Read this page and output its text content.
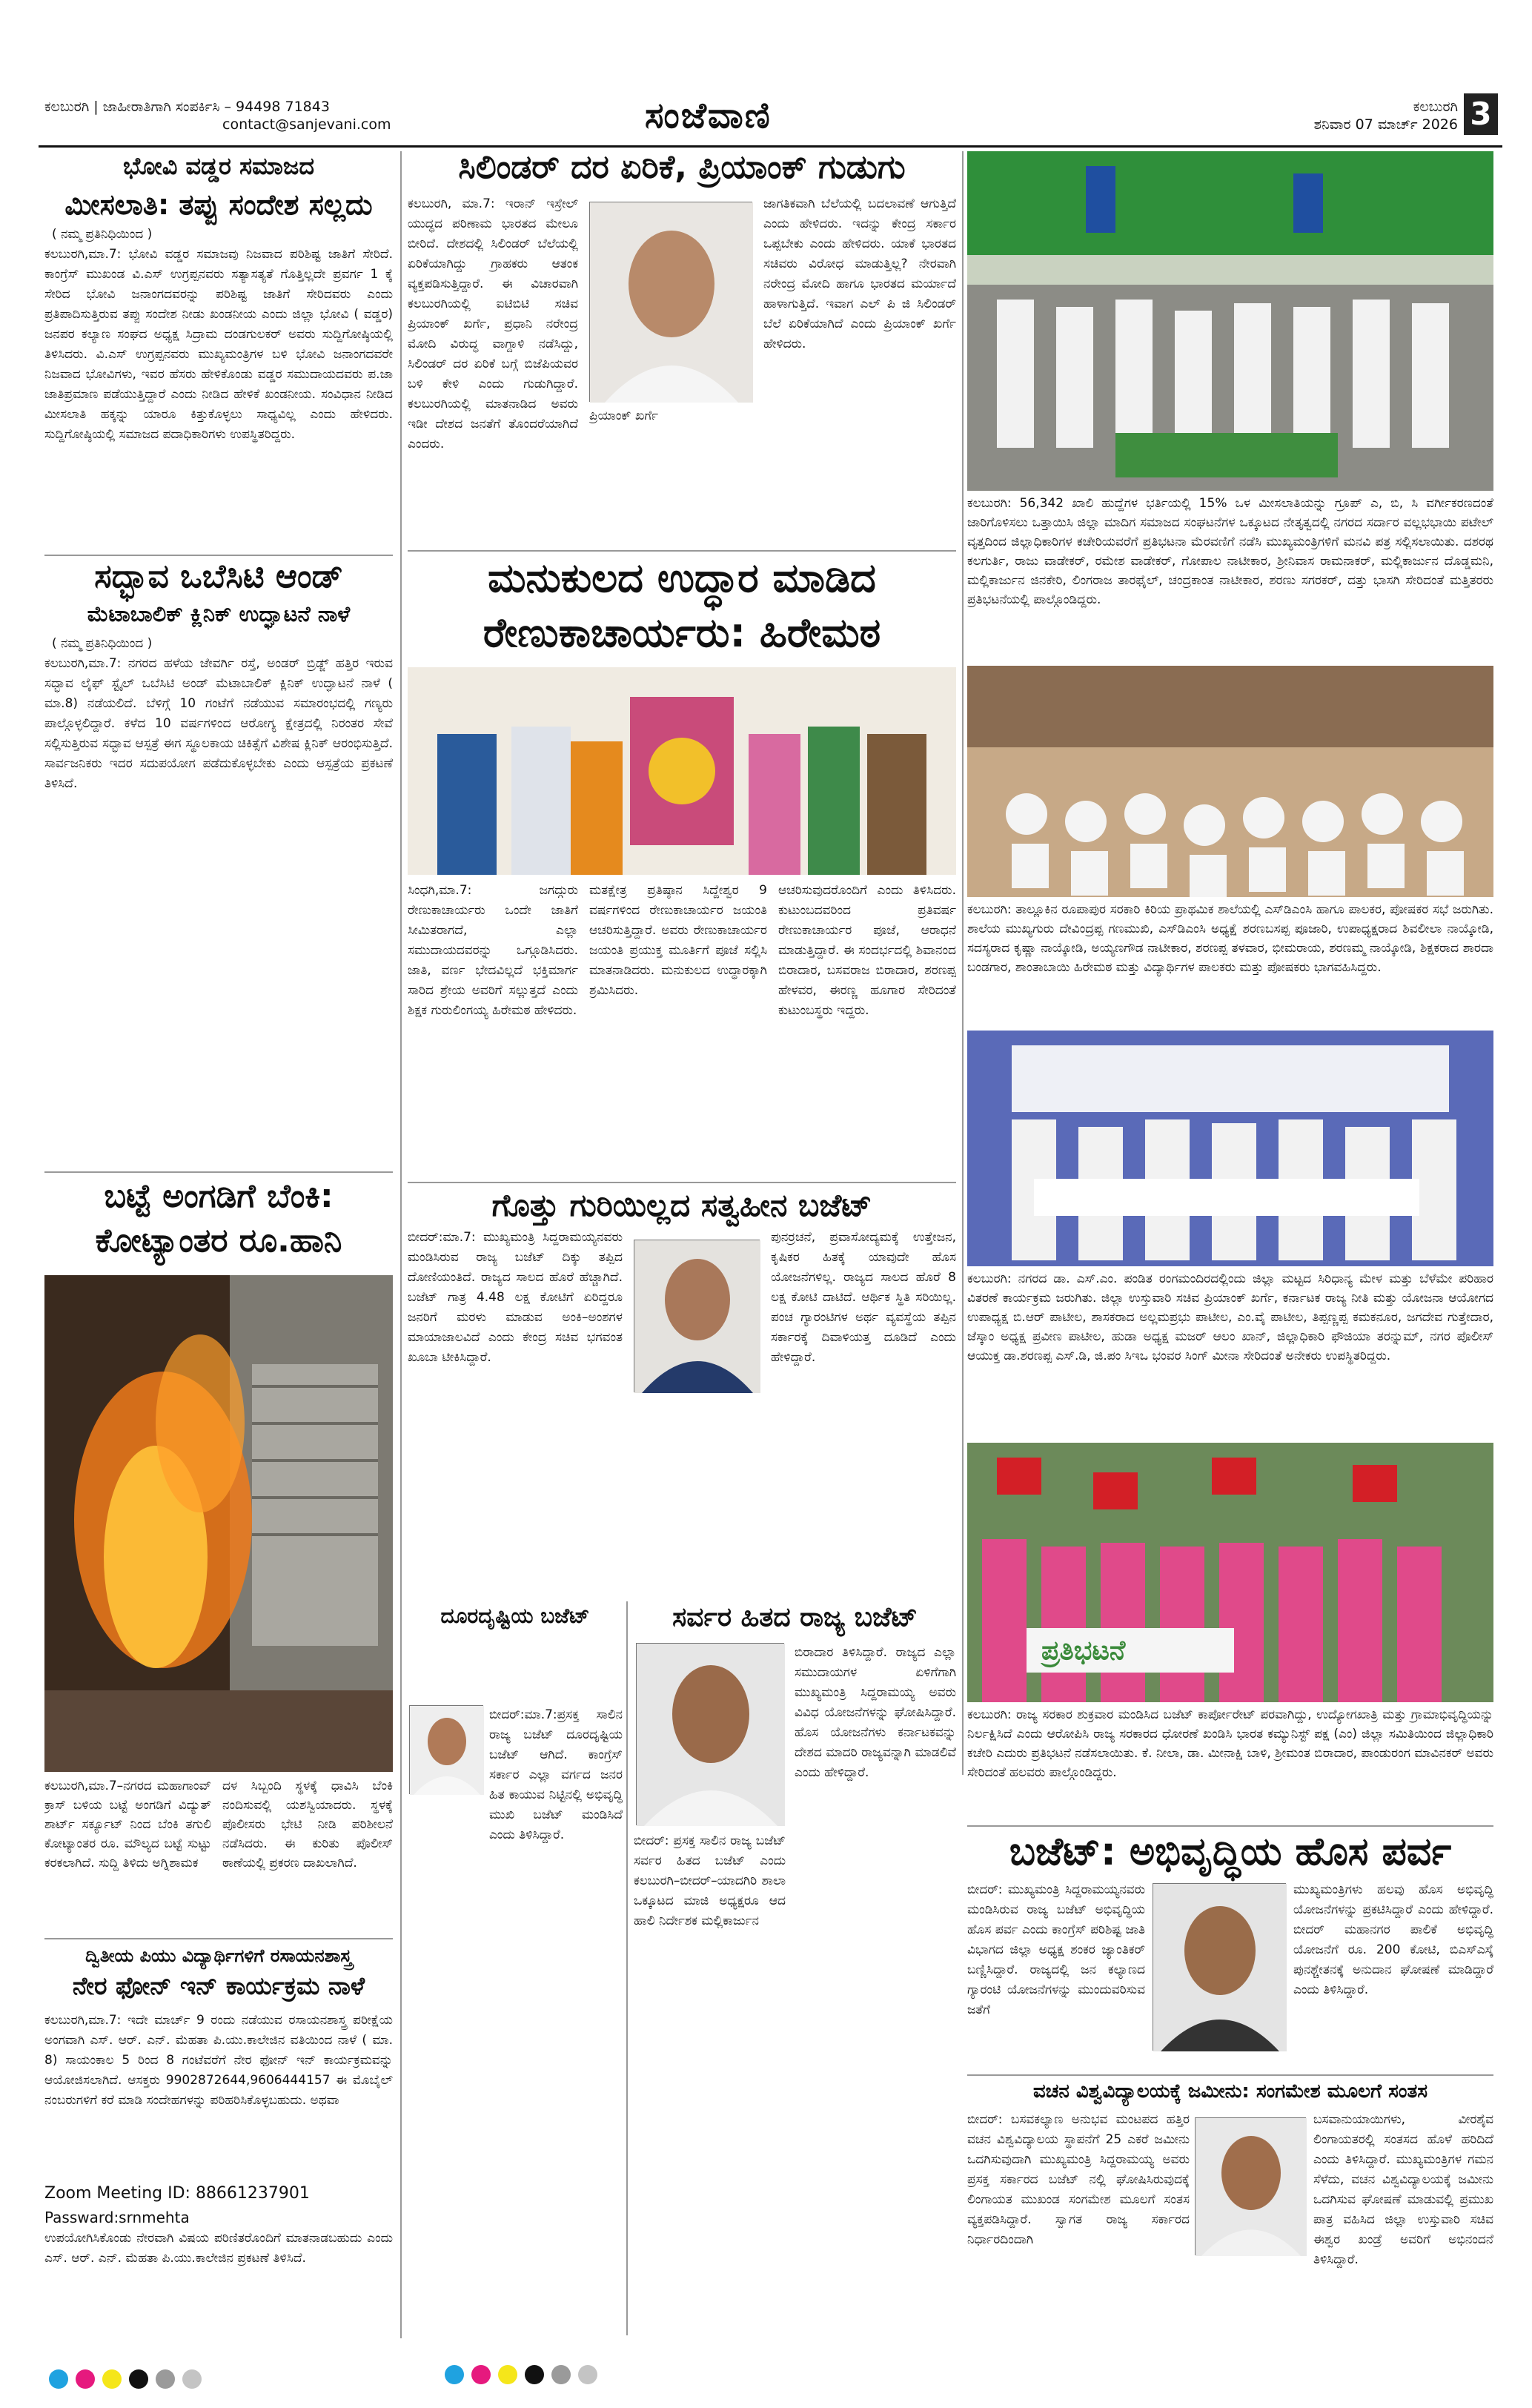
ಕಲಬುರಗಿ | ಜಾಹೀರಾತಿಗಾಗಿ ಸಂಪರ್ಕಿಸಿ – 94498 71843
contact@sanjevani.com	ಸಂಜೆವಾಣಿ	ಕಲಬುರಗಿ
ಶನಿವಾರ 07 ಮಾರ್ಚ್ 2026 3
ಭೋವಿ ವಡ್ಡರ ಸಮಾಜದ
ಮೀಸಲಾತಿ: ತಪ್ಪು ಸಂದೇಶ ಸಲ್ಲದು
( ನಮ್ಮ ಪ್ರತಿನಿಧಿಯಿಂದ )
ಕಲಬುರಗಿ,ಮಾ.7: ಭೋವಿ ವಡ್ಡರ ಸಮಾಜವು ನಿಜವಾದ ಪರಿಶಿಷ್ಟ ಜಾತಿಗೆ ಸೇರಿದೆ. ಕಾಂಗ್ರೆಸ್ ಮುಖಂಡ ವಿ.ಎಸ್ ಉಗ್ರಪ್ಪನವರು ಸತ್ಯಾಸತ್ಯತೆ ಗೊತ್ತಿಲ್ಲದೇ ಪ್ರವರ್ಗ 1 ಕ್ಕೆ ಸೇರಿದ ಭೋವಿ ಜನಾಂಗದವರನ್ನು ಪರಿಶಿಷ್ಟ ಜಾತಿಗೆ ಸೇರಿದವರು ಎಂದು ಪ್ರತಿಪಾದಿಸುತ್ತಿರುವ ತಪ್ಪು ಸಂದೇಶ ನೀಡು ಖಂಡನೀಯ ಎಂದು ಜಿಲ್ಲಾ ಭೋವಿ ( ವಡ್ಡರ) ಜನಪರ ಕಲ್ಯಾಣ ಸಂಘದ ಅಧ್ಯಕ್ಷ ಸಿದ್ರಾಮ ದಂಡಗುಲಕರ್ ಅವರು ಸುದ್ದಿಗೋಷ್ಠಿಯಲ್ಲಿ ತಿಳಿಸಿದರು. ವಿ.ಎಸ್ ಉಗ್ರಪ್ಪನವರು ಮುಖ್ಯಮಂತ್ರಿಗಳ ಬಳಿ ಭೋವಿ ಜನಾಂಗದವರೇ ನಿಜವಾದ ಭೋವಿಗಳು, ಇವರ ಹೆಸರು ಹೇಳಿಕೊಂಡು ವಡ್ಡರ ಸಮುದಾಯದವರು ಪ.ಜಾ ಜಾತಿಪ್ರಮಾಣ ಪಡೆಯುತ್ತಿದ್ದಾರೆ ಎಂದು ನೀಡಿದ ಹೇಳಿಕೆ ಖಂಡನೀಯ. ಸಂವಿಧಾನ ನೀಡಿದ ಮೀಸಲಾತಿ ಹಕ್ಕನ್ನು ಯಾರೂ ಕಿತ್ತುಕೊಳ್ಳಲು ಸಾಧ್ಯವಿಲ್ಲ ಎಂದು ಹೇಳಿದರು. ಸುದ್ದಿಗೋಷ್ಠಿಯಲ್ಲಿ ಸಮಾಜದ ಪದಾಧಿಕಾರಿಗಳು ಉಪಸ್ಥಿತರಿದ್ದರು.
ಸದ್ಭಾವ ಒಬೆಸಿಟಿ ಆಂಡ್
ಮೆಟಾಬಾಲಿಕ್ ಕ್ಲಿನಿಕ್ ಉದ್ಘಾಟನೆ ನಾಳೆ
( ನಮ್ಮ ಪ್ರತಿನಿಧಿಯಿಂದ )
ಕಲಬುರಗಿ,ಮಾ.7: ನಗರದ ಹಳೆಯ ಜೇವರ್ಗಿ ರಸ್ತೆ, ಅಂಡರ್ ಬ್ರಿಡ್ಜ್ ಹತ್ತಿರ ಇರುವ ಸದ್ಭಾವ ಲೈಫ್ ಸ್ಟೈಲ್ ಒಬೆಸಿಟಿ ಅಂಡ್ ಮೆಟಾಬಾಲಿಕ್ ಕ್ಲಿನಿಕ್ ಉದ್ಘಾಟನೆ ನಾಳೆ ( ಮಾ.8) ನಡೆಯಲಿದೆ. ಬೆಳಿಗ್ಗೆ 10 ಗಂಟೆಗೆ ನಡೆಯುವ ಸಮಾರಂಭದಲ್ಲಿ ಗಣ್ಯರು ಪಾಲ್ಗೊಳ್ಳಲಿದ್ದಾರೆ. ಕಳೆದ 10 ವರ್ಷಗಳಿಂದ ಆರೋಗ್ಯ ಕ್ಷೇತ್ರದಲ್ಲಿ ನಿರಂತರ ಸೇವೆ ಸಲ್ಲಿಸುತ್ತಿರುವ ಸದ್ಭಾವ ಆಸ್ಪತ್ರೆ ಈಗ ಸ್ಥೂಲಕಾಯ ಚಿಕಿತ್ಸೆಗೆ ವಿಶೇಷ ಕ್ಲಿನಿಕ್ ಆರಂಭಿಸುತ್ತಿದೆ. ಸಾರ್ವಜನಿಕರು ಇದರ ಸದುಪಯೋಗ ಪಡೆದುಕೊಳ್ಳಬೇಕು ಎಂದು ಆಸ್ಪತ್ರೆಯ ಪ್ರಕಟಣೆ ತಿಳಿಸಿದೆ.
ಬಟ್ಟೆ ಅಂಗಡಿಗೆ ಬೆಂಕಿ:
ಕೋಟ್ಯಾಂತರ ರೂ.ಹಾನಿ
ಕಲಬುರಗಿ,ಮಾ.7–ನಗರದ ಮಹಾಗಾಂವ್ ಕ್ರಾಸ್ ಬಳಿಯ ಬಟ್ಟೆ ಅಂಗಡಿಗೆ ವಿದ್ಯುತ್ ಶಾರ್ಟ್ ಸರ್ಕ್ಯೂಟ್ ನಿಂದ ಬೆಂಕಿ ತಗುಲಿ ಕೋಟ್ಯಾಂತರ ರೂ. ಮೌಲ್ಯದ ಬಟ್ಟೆ ಸುಟ್ಟು ಕರಕಲಾಗಿದೆ. ಸುದ್ದಿ ತಿಳಿದು ಅಗ್ನಿಶಾಮಕ
ದಳ ಸಿಬ್ಬಂದಿ ಸ್ಥಳಕ್ಕೆ ಧಾವಿಸಿ ಬೆಂಕಿ ನಂದಿಸುವಲ್ಲಿ ಯಶಸ್ವಿಯಾದರು. ಸ್ಥಳಕ್ಕೆ ಪೊಲೀಸರು ಭೇಟಿ ನೀಡಿ ಪರಿಶೀಲನೆ ನಡೆಸಿದರು. ಈ ಕುರಿತು ಪೊಲೀಸ್ ಠಾಣೆಯಲ್ಲಿ ಪ್ರಕರಣ ದಾಖಲಾಗಿದೆ.
ದ್ವಿತೀಯ ಪಿಯು ವಿದ್ಯಾರ್ಥಿಗಳಿಗೆ ರಸಾಯನಶಾಸ್ತ್ರ
ನೇರ ಫೋನ್ ಇನ್ ಕಾರ್ಯಕ್ರಮ ನಾಳೆ
ಕಲಬುರಗಿ,ಮಾ.7: ಇದೇ ಮಾರ್ಚ್ 9 ರಂದು ನಡೆಯುವ ರಸಾಯನಶಾಸ್ತ್ರ ಪರೀಕ್ಷೆಯ ಅಂಗವಾಗಿ ಎಸ್. ಆರ್. ಎನ್. ಮೆಹತಾ ಪಿ.ಯು.ಕಾಲೇಜಿನ ವತಿಯಿಂದ ನಾಳೆ ( ಮಾ. 8) ಸಾಯಂಕಾಲ 5 ರಿಂದ 8 ಗಂಟೆವರೆಗೆ ನೇರ ಫೋನ್ ಇನ್ ಕಾರ್ಯಕ್ರಮವನ್ನು ಆಯೋಜಿಸಲಾಗಿದೆ. ಆಸಕ್ತರು 9902872644,9606444157 ಈ ಮೊಬೈಲ್ ನಂಬರುಗಳಿಗೆ ಕರೆ ಮಾಡಿ ಸಂದೇಹಗಳನ್ನು ಪರಿಹರಿಸಿಕೊಳ್ಳಬಹುದು. ಅಥವಾ
Zoom Meeting ID: 88661237901
Passward:srnmehta
ಉಪಯೋಗಿಸಿಕೊಂಡು ನೇರವಾಗಿ ವಿಷಯ ಪರಿಣಿತರೊಂದಿಗೆ ಮಾತನಾಡಬಹುದು ಎಂದು ಎಸ್. ಆರ್. ಎನ್. ಮೆಹತಾ ಪಿ.ಯು.ಕಾಲೇಜಿನ ಪ್ರಕಟಣೆ ತಿಳಿಸಿದೆ.
ಸಿಲಿಂಡರ್ ದರ ಏರಿಕೆ, ಪ್ರಿಯಾಂಕ್ ಗುಡುಗು
ಕಲಬುರಗಿ, ಮಾ.7: ಇರಾನ್ ಇಸ್ರೇಲ್ ಯುದ್ಧದ ಪರಿಣಾಮ ಭಾರತದ ಮೇಲೂ ಬೀರಿದೆ. ದೇಶದಲ್ಲಿ ಸಿಲಿಂಡರ್ ಬೆಲೆಯಲ್ಲಿ ಏರಿಕೆಯಾಗಿದ್ದು ಗ್ರಾಹಕರು ಆತಂಕ ವ್ಯಕ್ತಪಡಿಸುತ್ತಿದ್ದಾರೆ. ಈ ವಿಚಾರವಾಗಿ ಕಲಬುರಗಿಯಲ್ಲಿ ಐಟಿಬಿಟಿ ಸಚಿವ ಪ್ರಿಯಾಂಕ್ ಖರ್ಗೆ, ಪ್ರಧಾನಿ ನರೇಂದ್ರ ಮೋದಿ ವಿರುದ್ಧ ವಾಗ್ದಾಳಿ ನಡೆಸಿದ್ದು, ಸಿಲಿಂಡರ್ ದರ ಏರಿಕೆ ಬಗ್ಗೆ ಬಿಜೆಪಿಯವರ ಬಳಿ ಕೇಳಿ ಎಂದು ಗುಡುಗಿದ್ದಾರೆ. ಕಲಬುರಗಿಯಲ್ಲಿ ಮಾತನಾಡಿದ ಅವರು ಇಡೀ ದೇಶದ ಜನತೆಗೆ ತೊಂದರೆಯಾಗಿದೆ ಎಂದರು.
ಪ್ರಿಯಾಂಕ್ ಖರ್ಗೆ
ಜಾಗತಿಕವಾಗಿ ಬೆಲೆಯಲ್ಲಿ ಬದಲಾವಣೆ ಆಗುತ್ತಿದೆ ಎಂದು ಹೇಳಿದರು. ಇದನ್ನು ಕೇಂದ್ರ ಸರ್ಕಾರ ಒಪ್ಪಬೇಕು ಎಂದು ಹೇಳಿದರು. ಯಾಕೆ ಭಾರತದ ಸಚಿವರು ವಿರೋಧ ಮಾಡುತ್ತಿಲ್ಲ? ನೇರವಾಗಿ ನರೇಂದ್ರ ಮೋದಿ ಹಾಗೂ ಭಾರತದ ಮರ್ಯಾದೆ ಹಾಳಾಗುತ್ತಿದೆ. ಇವಾಗ ಎಲ್ ಪಿ ಜಿ ಸಿಲಿಂಡರ್ ಬೆಲೆ ಏರಿಕೆಯಾಗಿದೆ ಎಂದು ಪ್ರಿಯಾಂಕ್ ಖರ್ಗೆ ಹೇಳಿದರು.
ಮನುಕುಲದ ಉದ್ಧಾರ ಮಾಡಿದ
ರೇಣುಕಾಚಾರ್ಯರು: ಹಿರೇಮಠ
ಸಿಂಧಗಿ,ಮಾ.7: ಜಗದ್ಗುರು ರೇಣುಕಾಚಾರ್ಯರು ಒಂದೇ ಜಾತಿಗೆ ಸೀಮಿತರಾಗದೆ, ಎಲ್ಲಾ ಸಮುದಾಯದವರನ್ನು ಒಗ್ಗೂಡಿಸಿದರು. ಜಾತಿ, ವರ್ಣ ಭೇದವಿಲ್ಲದೆ ಭಕ್ತಿಮಾರ್ಗ ಸಾರಿದ ಶ್ರೇಯ ಅವರಿಗೆ ಸಲ್ಲುತ್ತದೆ ಎಂದು ಶಿಕ್ಷಕ ಗುರುಲಿಂಗಯ್ಯ ಹಿರೇಮಠ ಹೇಳಿದರು.
ಮತಕ್ಷೇತ್ರ ಪ್ರತಿಷ್ಠಾನ ಸಿದ್ದೇಶ್ವರ 9 ವರ್ಷಗಳಿಂದ ರೇಣುಕಾಚಾರ್ಯರ ಜಯಂತಿ ಆಚರಿಸುತ್ತಿದ್ದಾರೆ. ಅವರು ರೇಣುಕಾಚಾರ್ಯರ ಜಯಂತಿ ಪ್ರಯುಕ್ತ ಮೂರ್ತಿಗೆ ಪೂಜೆ ಸಲ್ಲಿಸಿ ಮಾತನಾಡಿದರು. ಮನುಕುಲದ ಉದ್ಧಾರಕ್ಕಾಗಿ ಶ್ರಮಿಸಿದರು.
ಆಚರಿಸುವುದರೊಂದಿಗೆ ಎಂದು ತಿಳಿಸಿದರು. ಕುಟುಂಬದವರಿಂದ ಪ್ರತಿವರ್ಷ ರೇಣುಕಾಚಾರ್ಯರ ಪೂಜೆ, ಆರಾಧನೆ ಮಾಡುತ್ತಿದ್ದಾರೆ. ಈ ಸಂದರ್ಭದಲ್ಲಿ ಶಿವಾನಂದ ಬಿರಾದಾರ, ಬಸವರಾಜ ಬಿರಾದಾರ, ಶರಣಪ್ಪ ಹೇಳವರ, ಈರಣ್ಣ ಹೂಗಾರ ಸೇರಿದಂತೆ ಕುಟುಂಬಸ್ಥರು ಇದ್ದರು.
ಗೊತ್ತು ಗುರಿಯಿಲ್ಲದ ಸತ್ವಹೀನ ಬಜೆಟ್
ಬೀದರ್:ಮಾ.7: ಮುಖ್ಯಮಂತ್ರಿ ಸಿದ್ದರಾಮಯ್ಯನವರು ಮಂಡಿಸಿರುವ ರಾಜ್ಯ ಬಜೆಟ್ ದಿಕ್ಕು ತಪ್ಪಿದ ದೋಣಿಯಂತಿದೆ. ರಾಜ್ಯದ ಸಾಲದ ಹೊರೆ ಹೆಚ್ಚಾಗಿದೆ. ಬಜೆಟ್ ಗಾತ್ರ 4.48 ಲಕ್ಷ ಕೋಟಿಗೆ ಏರಿದ್ದರೂ ಜನರಿಗೆ ಮರಳು ಮಾಡುವ ಅಂಕಿ–ಅಂಶಗಳ ಮಾಯಾಜಾಲವಿದೆ ಎಂದು ಕೇಂದ್ರ ಸಚಿವ ಭಗವಂತ ಖೂಬಾ ಟೀಕಿಸಿದ್ದಾರೆ.
ಪುನರ್ರಚನೆ, ಪ್ರವಾಸೋದ್ಯಮಕ್ಕೆ ಉತ್ತೇಜನ, ಕೃಷಿಕರ ಹಿತಕ್ಕೆ ಯಾವುದೇ ಹೊಸ ಯೋಜನೆಗಳಿಲ್ಲ. ರಾಜ್ಯದ ಸಾಲದ ಹೊರೆ 8 ಲಕ್ಷ ಕೋಟಿ ದಾಟಿದೆ. ಆರ್ಥಿಕ ಸ್ಥಿತಿ ಸರಿಯಿಲ್ಲ. ಪಂಚ ಗ್ಯಾರಂಟಿಗಳ ಅರ್ಥ ವ್ಯವಸ್ಥೆಯ ತಪ್ಪಿನ ಸರ್ಕಾರಕ್ಕೆ ದಿವಾಳಿಯತ್ತ ದೂಡಿದೆ ಎಂದು ಹೇಳಿದ್ದಾರೆ.
ದೂರದೃಷ್ಟಿಯ ಬಜೆಟ್
ಬೀದರ್:ಮಾ.7:ಪ್ರಸಕ್ತ ಸಾಲಿನ ರಾಜ್ಯ ಬಜೆಟ್ ದೂರದೃಷ್ಟಿಯ ಬಜೆಟ್ ಆಗಿದೆ. ಕಾಂಗ್ರೆಸ್ ಸರ್ಕಾರ ಎಲ್ಲಾ ವರ್ಗದ ಜನರ ಹಿತ ಕಾಯುವ ನಿಟ್ಟಿನಲ್ಲಿ ಅಭಿವೃದ್ಧಿ ಮುಖಿ ಬಜೆಟ್ ಮಂಡಿಸಿದೆ ಎಂದು ತಿಳಿಸಿದ್ದಾರೆ.
ಸರ್ವರ ಹಿತದ ರಾಜ್ಯ ಬಜೆಟ್
ಬೀದರ್: ಪ್ರಸಕ್ತ ಸಾಲಿನ ರಾಜ್ಯ ಬಜೆಟ್ ಸರ್ವರ ಹಿತದ ಬಜೆಟ್ ಎಂದು ಕಲಬುರಗಿ–ಬೀದರ್–ಯಾದಗಿರಿ ಶಾಲಾ ಒಕ್ಕೂಟದ ಮಾಜಿ ಅಧ್ಯಕ್ಷರೂ ಆದ ಹಾಲಿ ನಿರ್ದೇಶಕ ಮಲ್ಲಿಕಾರ್ಜುನ
ಬಿರಾದಾರ ತಿಳಿಸಿದ್ದಾರೆ. ರಾಜ್ಯದ ಎಲ್ಲಾ ಸಮುದಾಯಗಳ ಏಳಿಗೆಗಾಗಿ ಮುಖ್ಯಮಂತ್ರಿ ಸಿದ್ದರಾಮಯ್ಯ ಅವರು ವಿವಿಧ ಯೋಜನೆಗಳನ್ನು ಘೋಷಿಸಿದ್ದಾರೆ. ಹೊಸ ಯೋಜನೆಗಳು ಕರ್ನಾಟಕವನ್ನು ದೇಶದ ಮಾದರಿ ರಾಜ್ಯವನ್ನಾಗಿ ಮಾಡಲಿವೆ ಎಂದು ಹೇಳಿದ್ದಾರೆ.
ಕಲಬುರಗಿ: 56,342 ಖಾಲಿ ಹುದ್ದೆಗಳ ಭರ್ತಿಯಲ್ಲಿ 15% ಒಳ ಮೀಸಲಾತಿಯನ್ನು ಗ್ರೂಪ್ ಎ, ಬಿ, ಸಿ ವರ್ಗೀಕರಣದಂತೆ ಜಾರಿಗೊಳಿಸಲು ಒತ್ತಾಯಿಸಿ ಜಿಲ್ಲಾ ಮಾದಿಗ ಸಮಾಜದ ಸಂಘಟನೆಗಳ ಒಕ್ಕೂಟದ ನೇತೃತ್ವದಲ್ಲಿ ನಗರದ ಸರ್ದಾರ ವಲ್ಲಭಭಾಯಿ ಪಟೇಲ್ ವೃತ್ತದಿಂದ ಜಿಲ್ಲಾಧಿಕಾರಿಗಳ ಕಚೇರಿಯವರೆಗೆ ಪ್ರತಿಭಟನಾ ಮೆರವಣಿಗೆ ನಡೆಸಿ ಮುಖ್ಯಮಂತ್ರಿಗಳಿಗೆ ಮನವಿ ಪತ್ರ ಸಲ್ಲಿಸಲಾಯಿತು. ದಶರಥ ಕಲಗುರ್ತಿ, ರಾಜು ವಾಡೇಕರ್, ರಮೇಶ ವಾಡೇಕರ್, ಗೋಪಾಲ ನಾಟೀಕಾರ, ಶ್ರೀನಿವಾಸ ರಾಮನಾಕರ್, ಮಲ್ಲಿಕಾರ್ಜುನ ದೊಡ್ಡಮನಿ, ಮಲ್ಲಿಕಾರ್ಜುನ ಜಿನಕೇರಿ, ಲಿಂಗರಾಜ ತಾರಫೈಲ್, ಚಂದ್ರಕಾಂತ ನಾಟೀಕಾರ, ಶರಣು ಸಗರಕರ್, ದತ್ತು ಭಾಸಗಿ ಸೇರಿದಂತೆ ಮತ್ತಿತರರು ಪ್ರತಿಭಟನೆಯಲ್ಲಿ ಪಾಲ್ಗೊಂಡಿದ್ದರು.
ಕಲಬುರಗಿ: ತಾಲ್ಲೂಕಿನ ರೂಪಾಪುರ ಸರಕಾರಿ ಕಿರಿಯ ಪ್ರಾಥಮಿಕ ಶಾಲೆಯಲ್ಲಿ ಎಸ್‌ಡಿಎಂಸಿ ಹಾಗೂ ಪಾಲಕರ, ಪೋಷಕರ ಸಭೆ ಜರುಗಿತು. ಶಾಲೆಯ ಮುಖ್ಯಗುರು ದೇವಿಂದ್ರಪ್ಪ ಗಣಮುಖಿ, ಎಸ್‌ಡಿಎಂಸಿ ಅಧ್ಯಕ್ಷೆ ಶರಣಬಸಪ್ಪ ಪೂಜಾರಿ, ಉಪಾಧ್ಯಕ್ಷರಾದ ಶಿವಲೀಲಾ ನಾಯ್ಕೋಡಿ, ಸದಸ್ಯರಾದ ಕೃಷ್ಣಾ ನಾಯ್ಕೋಡಿ, ಅಯ್ಯಣಗೌಡ ನಾಟೀಕಾರ, ಶರಣಪ್ಪ ತಳವಾರ, ಭೀಮರಾಯ, ಶರಣಮ್ಮ ನಾಯ್ಕೋಡಿ, ಶಿಕ್ಷಕರಾದ ಶಾರದಾ ಬಂಡಗಾರ, ಶಾಂತಾಬಾಯಿ ಹಿರೇಮಠ ಮತ್ತು ವಿದ್ಯಾರ್ಥಿಗಳ ಪಾಲಕರು ಮತ್ತು ಪೋಷಕರು ಭಾಗವಹಿಸಿದ್ದರು.
ಕಲಬುರಗಿ: ನಗರದ ಡಾ. ಎಸ್.ಎಂ. ಪಂಡಿತ ರಂಗಮಂದಿರದಲ್ಲಿಂದು ಜಿಲ್ಲಾ ಮಟ್ಟದ ಸಿರಿಧಾನ್ಯ ಮೇಳ ಮತ್ತು ಬೆಳೆಮೇ ಪರಿಹಾರ ವಿತರಣೆ ಕಾರ್ಯಕ್ರಮ ಜರುಗಿತು. ಜಿಲ್ಲಾ ಉಸ್ತುವಾರಿ ಸಚಿವ ಪ್ರಿಯಾಂಕ್ ಖರ್ಗೆ, ಕರ್ನಾಟಕ ರಾಜ್ಯ ನೀತಿ ಮತ್ತು ಯೋಜನಾ ಆಯೋಗದ ಉಪಾಧ್ಯಕ್ಷ ಬಿ.ಆರ್ ಪಾಟೀಲ, ಶಾಸಕರಾದ ಅಲ್ಲಮಪ್ರಭು ಪಾಟೀಲ, ಎಂ.ವೈ ಪಾಟೀಲ, ತಿಪ್ಪಣ್ಣಪ್ಪ ಕಮಕನೂರ, ಜಗದೇವ ಗುತ್ತೇದಾರ, ಜೆಸ್ಕಾಂ ಅಧ್ಯಕ್ಷ ಪ್ರವೀಣ ಪಾಟೀಲ, ಹುಡಾ ಅಧ್ಯಕ್ಷ ಮಜರ್ ಆಲಂ ಖಾನ್, ಜಿಲ್ಲಾಧಿಕಾರಿ ಫೌಜಿಯಾ ತರನ್ನುಮ್, ನಗರ ಪೊಲೀಸ್ ಆಯುಕ್ತ ಡಾ.ಶರಣಪ್ಪ ಎಸ್.ಡಿ, ಜಿ.ಪಂ ಸಿಇಒ ಭಂವರ ಸಿಂಗ್ ಮೀನಾ ಸೇರಿದಂತೆ ಅನೇಕರು ಉಪಸ್ಥಿತರಿದ್ದರು.
ಪ್ರತಿಭಟನೆ
ಕಲಬುರಗಿ: ರಾಜ್ಯ ಸರಕಾರ ಶುಕ್ರವಾರ ಮಂಡಿಸಿದ ಬಜೆಟ್ ಕಾರ್ಪೋರೇಟ್ ಪರವಾಗಿದ್ದು, ಉದ್ಯೋಗಖಾತ್ರಿ ಮತ್ತು ಗ್ರಾಮಾಭಿವೃದ್ಧಿಯನ್ನು ನಿರ್ಲಕ್ಷಿಸಿದೆ ಎಂದು ಆರೋಪಿಸಿ ರಾಜ್ಯ ಸರಕಾರದ ಧೋರಣೆ ಖಂಡಿಸಿ ಭಾರತ ಕಮ್ಯುನಿಸ್ಟ್ ಪಕ್ಷ (ಎಂ) ಜಿಲ್ಲಾ ಸಮಿತಿಯಿಂದ ಜಿಲ್ಲಾಧಿಕಾರಿ ಕಚೇರಿ ಎದುರು ಪ್ರತಿಭಟನೆ ನಡೆಸಲಾಯಿತು. ಕೆ. ನೀಲಾ, ಡಾ. ಮೀನಾಕ್ಷಿ ಬಾಳಿ, ಶ್ರೀಮಂತ ಬಿರಾದಾರ, ಪಾಂಡುರಂಗ ಮಾವಿನಕರ್ ಅವರು ಸೇರಿದಂತೆ ಹಲವರು ಪಾಲ್ಗೊಂಡಿದ್ದರು.
ಬಜೆಟ್: ಅಭಿವೃದ್ಧಿಯ ಹೊಸ ಪರ್ವ
ಬೀದರ್: ಮುಖ್ಯಮಂತ್ರಿ ಸಿದ್ದರಾಮಯ್ಯನವರು ಮಂಡಿಸಿರುವ ರಾಜ್ಯ ಬಜೆಟ್ ಅಭಿವೃದ್ಧಿಯ ಹೊಸ ಪರ್ವ ಎಂದು ಕಾಂಗ್ರೆಸ್ ಪರಿಶಿಷ್ಟ ಜಾತಿ ವಿಭಾಗದ ಜಿಲ್ಲಾ ಅಧ್ಯಕ್ಷ ಶಂಕರ ಜ್ಯಾಂತಿಕರ್ ಬಣ್ಣಿಸಿದ್ದಾರೆ. ರಾಜ್ಯದಲ್ಲಿ ಜನ ಕಲ್ಯಾಣದ ಗ್ಯಾರಂಟಿ ಯೋಜನೆಗಳನ್ನು ಮುಂದುವರಿಸುವ ಜತೆಗೆ
ಮುಖ್ಯಮಂತ್ರಿಗಳು ಹಲವು ಹೊಸ ಅಭಿವೃದ್ಧಿ ಯೋಜನೆಗಳನ್ನು ಪ್ರಕಟಿಸಿದ್ದಾರೆ ಎಂದು ಹೇಳಿದ್ದಾರೆ. ಬೀದರ್ ಮಹಾನಗರ ಪಾಲಿಕೆ ಅಭಿವೃದ್ಧಿ ಯೋಜನೆಗೆ ರೂ. 200 ಕೋಟಿ, ಬಿಎಸ್ಎಸ್ಕೆ ಪುನಶ್ಚೇತನಕ್ಕೆ ಅನುದಾನ ಘೋಷಣೆ ಮಾಡಿದ್ದಾರೆ ಎಂದು ತಿಳಿಸಿದ್ದಾರೆ.
ವಚನ ವಿಶ್ವವಿದ್ಯಾಲಯಕ್ಕೆ ಜಮೀನು: ಸಂಗಮೇಶ ಮೂಲಗೆ ಸಂತಸ
ಬೀದರ್: ಬಸವಕಲ್ಯಾಣ ಅನುಭವ ಮಂಟಪದ ಹತ್ತಿರ ವಚನ ವಿಶ್ವವಿದ್ಯಾಲಯ ಸ್ಥಾಪನೆಗೆ 25 ಎಕರೆ ಜಮೀನು ಒದಗಿಸುವುದಾಗಿ ಮುಖ್ಯಮಂತ್ರಿ ಸಿದ್ದರಾಮಯ್ಯ ಅವರು ಪ್ರಸಕ್ತ ಸರ್ಕಾರದ ಬಜೆಟ್ ನಲ್ಲಿ ಘೋಷಿಸಿರುವುದಕ್ಕೆ ಲಿಂಗಾಯತ ಮುಖಂಡ ಸಂಗಮೇಶ ಮೂಲಗೆ ಸಂತಸ ವ್ಯಕ್ತಪಡಿಸಿದ್ದಾರೆ. ಸ್ವಾಗತ ರಾಜ್ಯ ಸರ್ಕಾರದ ನಿರ್ಧಾರದಿಂದಾಗಿ
ಬಸವಾನುಯಾಯಿಗಳು, ವೀರಶೈವ ಲಿಂಗಾಯತರಲ್ಲಿ ಸಂತಸದ ಹೊಳೆ ಹರಿದಿದೆ ಎಂದು ತಿಳಿಸಿದ್ದಾರೆ. ಮುಖ್ಯಮಂತ್ರಿಗಳ ಗಮನ ಸೆಳೆದು, ವಚನ ವಿಶ್ವವಿದ್ಯಾಲಯಕ್ಕೆ ಜಮೀನು ಒದಗಿಸುವ ಘೋಷಣೆ ಮಾಡುವಲ್ಲಿ ಪ್ರಮುಖ ಪಾತ್ರ ವಹಿಸಿದ ಜಿಲ್ಲಾ ಉಸ್ತುವಾರಿ ಸಚಿವ ಈಶ್ವರ ಖಂಡ್ರೆ ಅವರಿಗೆ ಅಭಿನಂದನೆ ತಿಳಿಸಿದ್ದಾರೆ.
